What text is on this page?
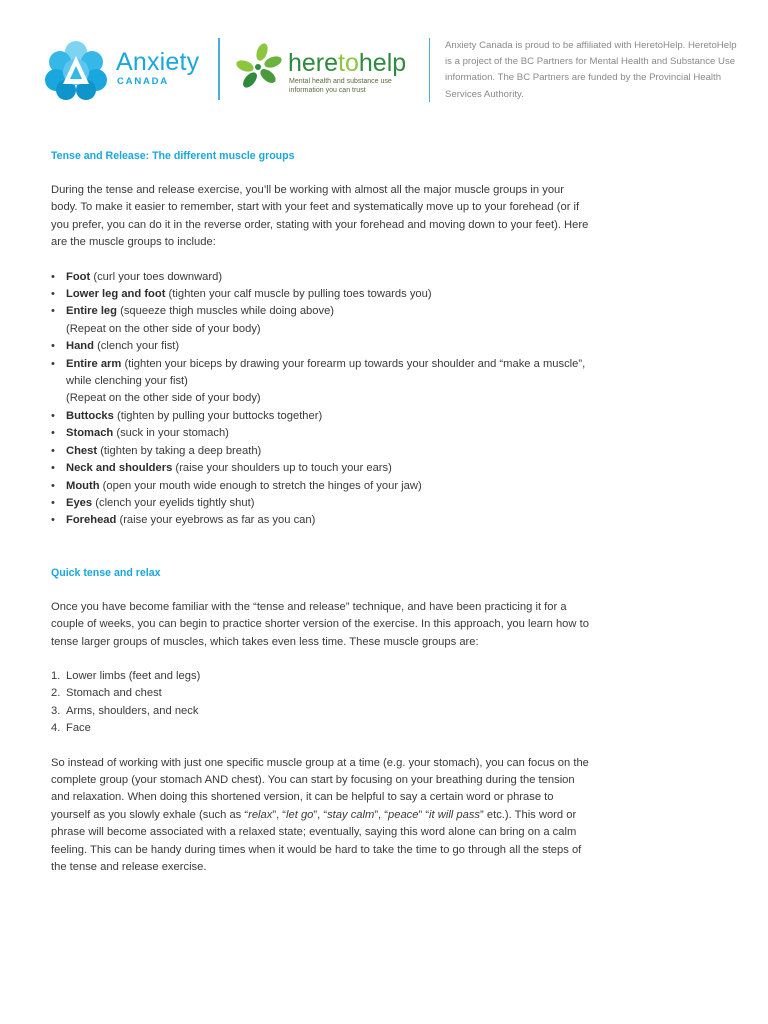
Anxiety
CANADA
heretohelp
Mental health and substance use
information you can trust
Anxiety Canada is proud to be affiliated with HeretoHelp. HeretoHelp is a project of the BC Partners for Mental Health and Substance Use information. The BC Partners are funded by the Provincial Health Services Authority.
Tense and Release: The different muscle groups

During the tense and release exercise, you’ll be working with almost all the major muscle groups in your body. To make it easier to remember, start with your feet and systematically move up to your forehead (or if you prefer, you can do it in the reverse order, stating with your forehead and moving down to your feet). Here are the muscle groups to include:

• Foot (curl your toes downward)
• Lower leg and foot (tighten your calf muscle by pulling toes towards you)
• Entire leg (squeeze thigh muscles while doing above)
(Repeat on the other side of your body)
• Hand (clench your fist)
• Entire arm (tighten your biceps by drawing your forearm up towards your shoulder and “make a muscle”, while clenching your fist)
(Repeat on the other side of your body)
• Buttocks (tighten by pulling your buttocks together)
• Stomach (suck in your stomach)
• Chest (tighten by taking a deep breath)
• Neck and shoulders (raise your shoulders up to touch your ears)
• Mouth (open your mouth wide enough to stretch the hinges of your jaw)
• Eyes (clench your eyelids tightly shut)
• Forehead (raise your eyebrows as far as you can)
Quick tense and relax

Once you have become familiar with the “tense and release” technique, and have been practicing it for a couple of weeks, you can begin to practice shorter version of the exercise. In this approach, you learn how to tense larger groups of muscles, which takes even less time. These muscle groups are:

1. Lower limbs (feet and legs)
2. Stomach and chest
3. Arms, shoulders, and neck
4. Face

So instead of working with just one specific muscle group at a time (e.g. your stomach), you can focus on the complete group (your stomach AND chest). You can start by focusing on your breathing during the tension and relaxation. When doing this shortened version, it can be helpful to say a certain word or phrase to yourself as you slowly exhale (such as “relax”, “let go”, “stay calm”, “peace” “it will pass” etc.). This word or phrase will become associated with a relaxed state; eventually, saying this word alone can bring on a calm feeling. This can be handy during times when it would be hard to take the time to go through all the steps of the tense and release exercise.
